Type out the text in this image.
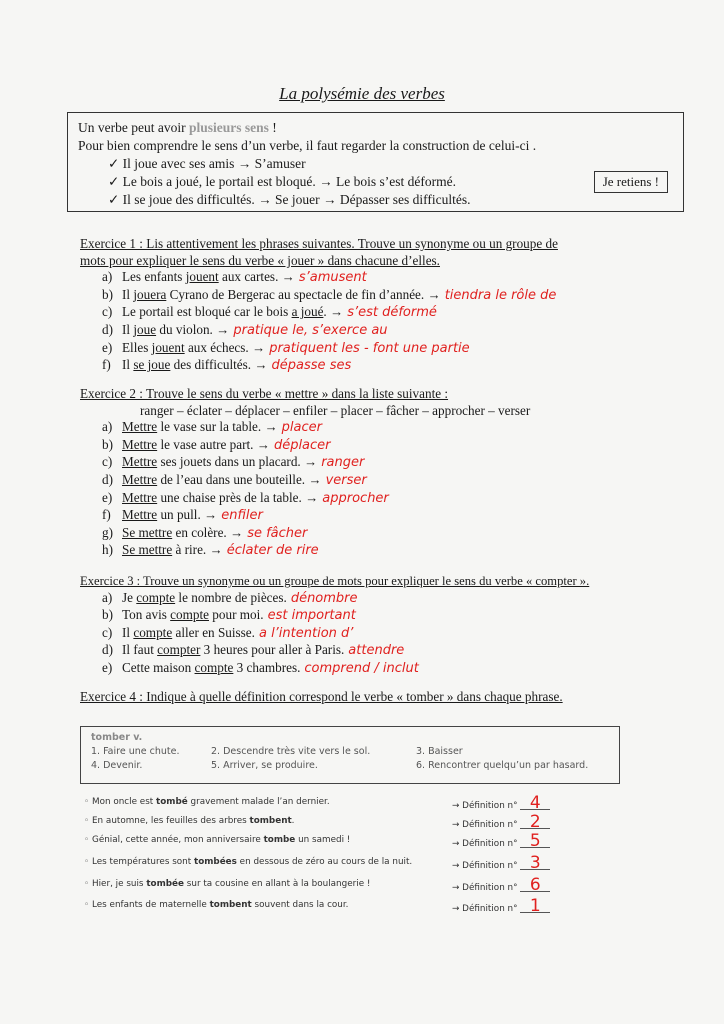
La polysémie des verbes
Un verbe peut avoir plusieurs sens !
Pour bien comprendre le sens d’un verbe, il faut regarder la construction de celui-ci .
✓ Il joue avec ses amis → S’amuser
✓ Le bois a joué, le portail est bloqué. → Le bois s’est déformé.
✓ Il se joue des difficultés. → Se jouer → Dépasser ses difficultés.
Je retiens !
Exercice 1 : Lis attentivement les phrases suivantes. Trouve un synonyme ou un groupe de
mots pour expliquer le sens du verbe « jouer » dans chacune d’elles.
a) Les enfants jouent aux cartes. → s’amusent
b) Il jouera Cyrano de Bergerac au spectacle de fin d’année. → tiendra le rôle de
c) Le portail est bloqué car le bois a joué. → s’est déformé
d) Il joue du violon. → pratique le, s’exerce au
e) Elles jouent aux échecs. → pratiquent les - font une partie
f) Il se joue des difficultés. → dépasse ses
Exercice 2 : Trouve le sens du verbe « mettre » dans la liste suivante :
ranger – éclater – déplacer – enfiler – placer – fâcher – approcher – verser
a) Mettre le vase sur la table. → placer
b) Mettre le vase autre part. → déplacer
c) Mettre ses jouets dans un placard. → ranger
d) Mettre de l’eau dans une bouteille. → verser
e) Mettre une chaise près de la table. → approcher
f) Mettre un pull. → enfiler
g) Se mettre en colère. → se fâcher
h) Se mettre à rire. → éclater de rire
Exercice 3 : Trouve un synonyme ou un groupe de mots pour expliquer le sens du verbe « compter ».
a) Je compte le nombre de pièces. dénombre
b) Ton avis compte pour moi. est important
c) Il compte aller en Suisse. a l’intention d’
d) Il faut compter 3 heures pour aller à Paris. attendre
e) Cette maison compte 3 chambres. comprend / inclut
Exercice 4 : Indique à quelle définition correspond le verbe « tomber » dans chaque phrase.
tomber v.
1. Faire une chute.	2. Descendre très vite vers le sol.	3. Baisser
4. Devenir.	5. Arriver, se produire.	6. Rencontrer quelqu’un par hasard.
◦ Mon oncle est tombé gravement malade l’an dernier.	→ Définition n° 4
◦ En automne, les feuilles des arbres tombent.	→ Définition n° 2
◦ Génial, cette année, mon anniversaire tombe un samedi !	→ Définition n° 5
◦ Les températures sont tombées en dessous de zéro au cours de la nuit.	→ Définition n° 3
◦ Hier, je suis tombée sur ta cousine en allant à la boulangerie !	→ Définition n° 6
◦ Les enfants de maternelle tombent souvent dans la cour.	→ Définition n° 1
